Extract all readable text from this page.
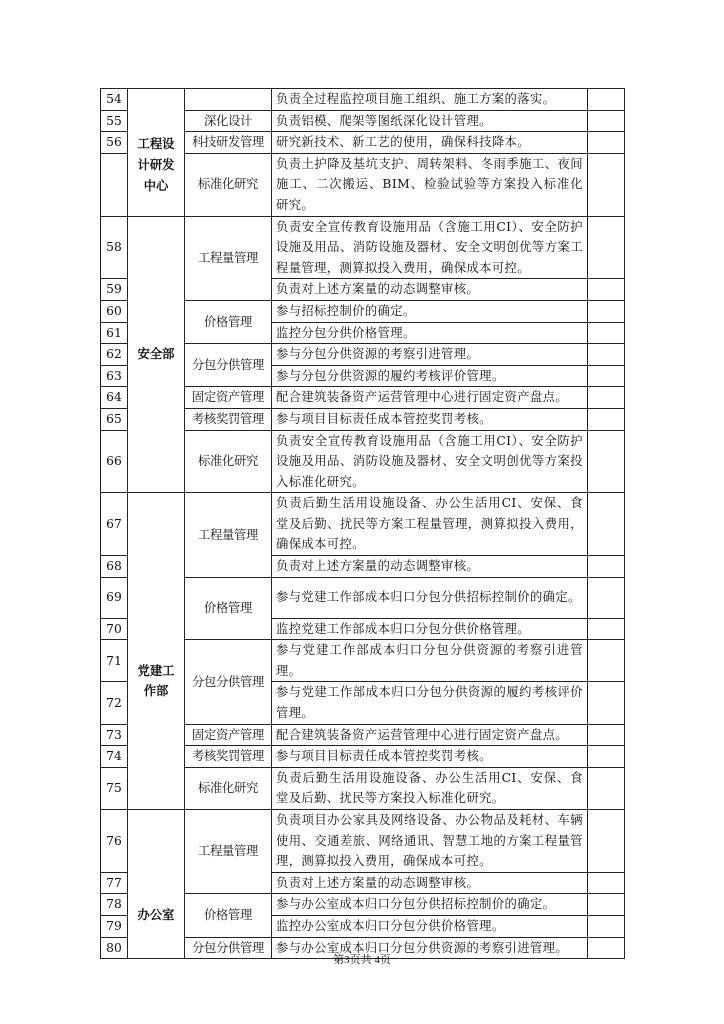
54	工程设计研发中心		负责全过程监控项目施工组织、施工方案的落实。	
55		深化设计	负责铝模、爬架等图纸深化设计管理。	
56		科技研发管理	研究新技术、新工艺的使用，确保科技降本。	
		标准化研究	负责土护降及基坑支护、周转架料、冬雨季施工、夜间施工、二次搬运、BIM、检验试验等方案投入标准化研究。	
58	安全部	工程量管理	负责安全宣传教育设施用品（含施工用CI）、安全防护设施及用品、消防设施及器材、安全文明创优等方案工程量管理，测算拟投入费用，确保成本可控。	
59			负责对上述方案量的动态调整审核。	
60		价格管理	参与招标控制价的确定。	
61			监控分包分供价格管理。	
62		分包分供管理	参与分包分供资源的考察引进管理。	
63			参与分包分供资源的履约考核评价管理。	
64		固定资产管理	配合建筑装备资产运营管理中心进行固定资产盘点。	
65		考核奖罚管理	参与项目目标责任成本管控奖罚考核。	
66		标准化研究	负责安全宣传教育设施用品（含施工用CI）、安全防护设施及用品、消防设施及器材、安全文明创优等方案投入标准化研究。	
67	党建工作部	工程量管理	负责后勤生活用设施设备、办公生活用CI、安保、食堂及后勤、扰民等方案工程量管理，测算拟投入费用，确保成本可控。	
68			负责对上述方案量的动态调整审核。	
69		价格管理	参与党建工作部成本归口分包分供招标控制价的确定。	
70			监控党建工作部成本归口分包分供价格管理。	
71		分包分供管理	参与党建工作部成本归口分包分供资源的考察引进管理。	
72			参与党建工作部成本归口分包分供资源的履约考核评价管理。	
73		固定资产管理	配合建筑装备资产运营管理中心进行固定资产盘点。	
74		考核奖罚管理	参与项目目标责任成本管控奖罚考核。	
75		标准化研究	负责后勤生活用设施设备、办公生活用CI、安保、食堂及后勤、扰民等方案投入标准化研究。	
76	办公室	工程量管理	负责项目办公家具及网络设备、办公物品及耗材、车辆使用、交通差旅、网络通讯、智慧工地的方案工程量管理，测算拟投入费用，确保成本可控。	
77			负责对上述方案量的动态调整审核。	
78		价格管理	参与办公室成本归口分包分供招标控制价的确定。	
79			监控办公室成本归口分包分供价格管理。	
80		分包分供管理	参与办公室成本归口分包分供资源的考察引进管理。	
第3页共 4页
